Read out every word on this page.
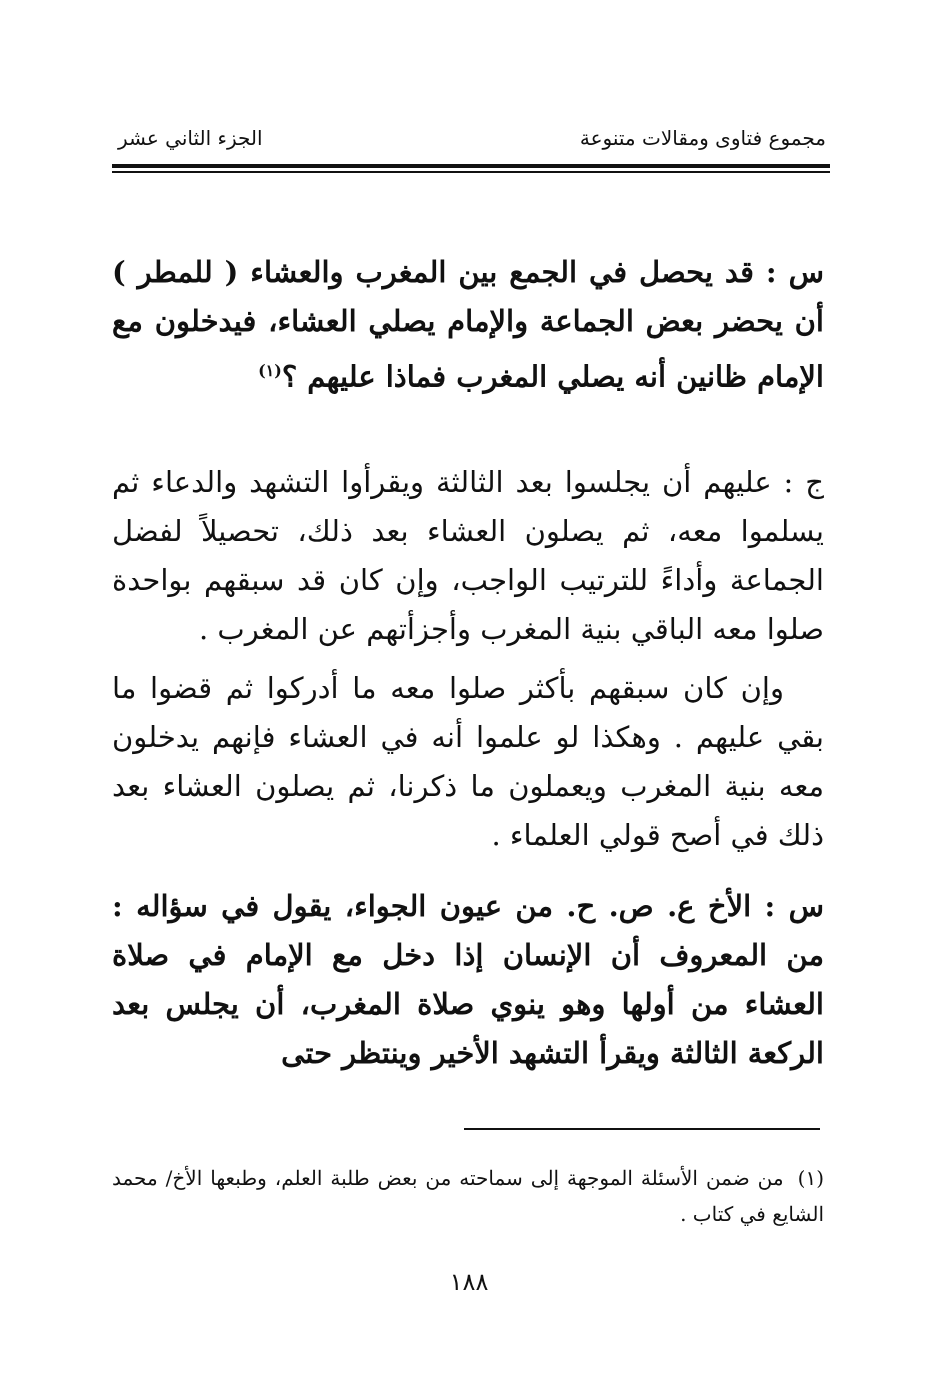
مجموع فتاوى ومقالات متنوعة
الجزء الثاني عشر

س : قد يحصل في الجمع بين المغرب والعشاء ( للمطر ) أن يحضر بعض الجماعة والإمام يصلي العشاء، فيدخلون مع الإمام ظانين أنه يصلي المغرب فماذا عليهم ؟$^{(١)}$

ج : عليهم أن يجلسوا بعد الثالثة ويقرأوا التشهد والدعاء ثم يسلموا معه، ثم يصلون العشاء بعد ذلك، تحصيلاً لفضل الجماعة وأداءً للترتيب الواجب، وإن كان قد سبقهم بواحدة صلوا معه الباقي بنية المغرب وأجزأتهم عن المغرب .

وإن كان سبقهم بأكثر صلوا معه ما أدركوا ثم قضوا ما بقي عليهم . وهكذا لو علموا أنه في العشاء فإنهم يدخلون معه بنية المغرب ويعملون ما ذكرنا، ثم يصلون العشاء بعد ذلك في أصح قولي العلماء .

س : الأخ ع. ص. ح. من عيون الجواء، يقول في سؤاله : من المعروف أن الإنسان إذا دخل مع الإمام في صلاة العشاء من أولها وهو ينوي صلاة المغرب، أن يجلس بعد الركعة الثالثة ويقرأ التشهد الأخير وينتظر حتى

(١)من ضمن الأسئلة الموجهة إلى سماحته من بعض طلبة العلم، وطبعها الأخ/ محمد الشايع في كتاب .
١٨٨
